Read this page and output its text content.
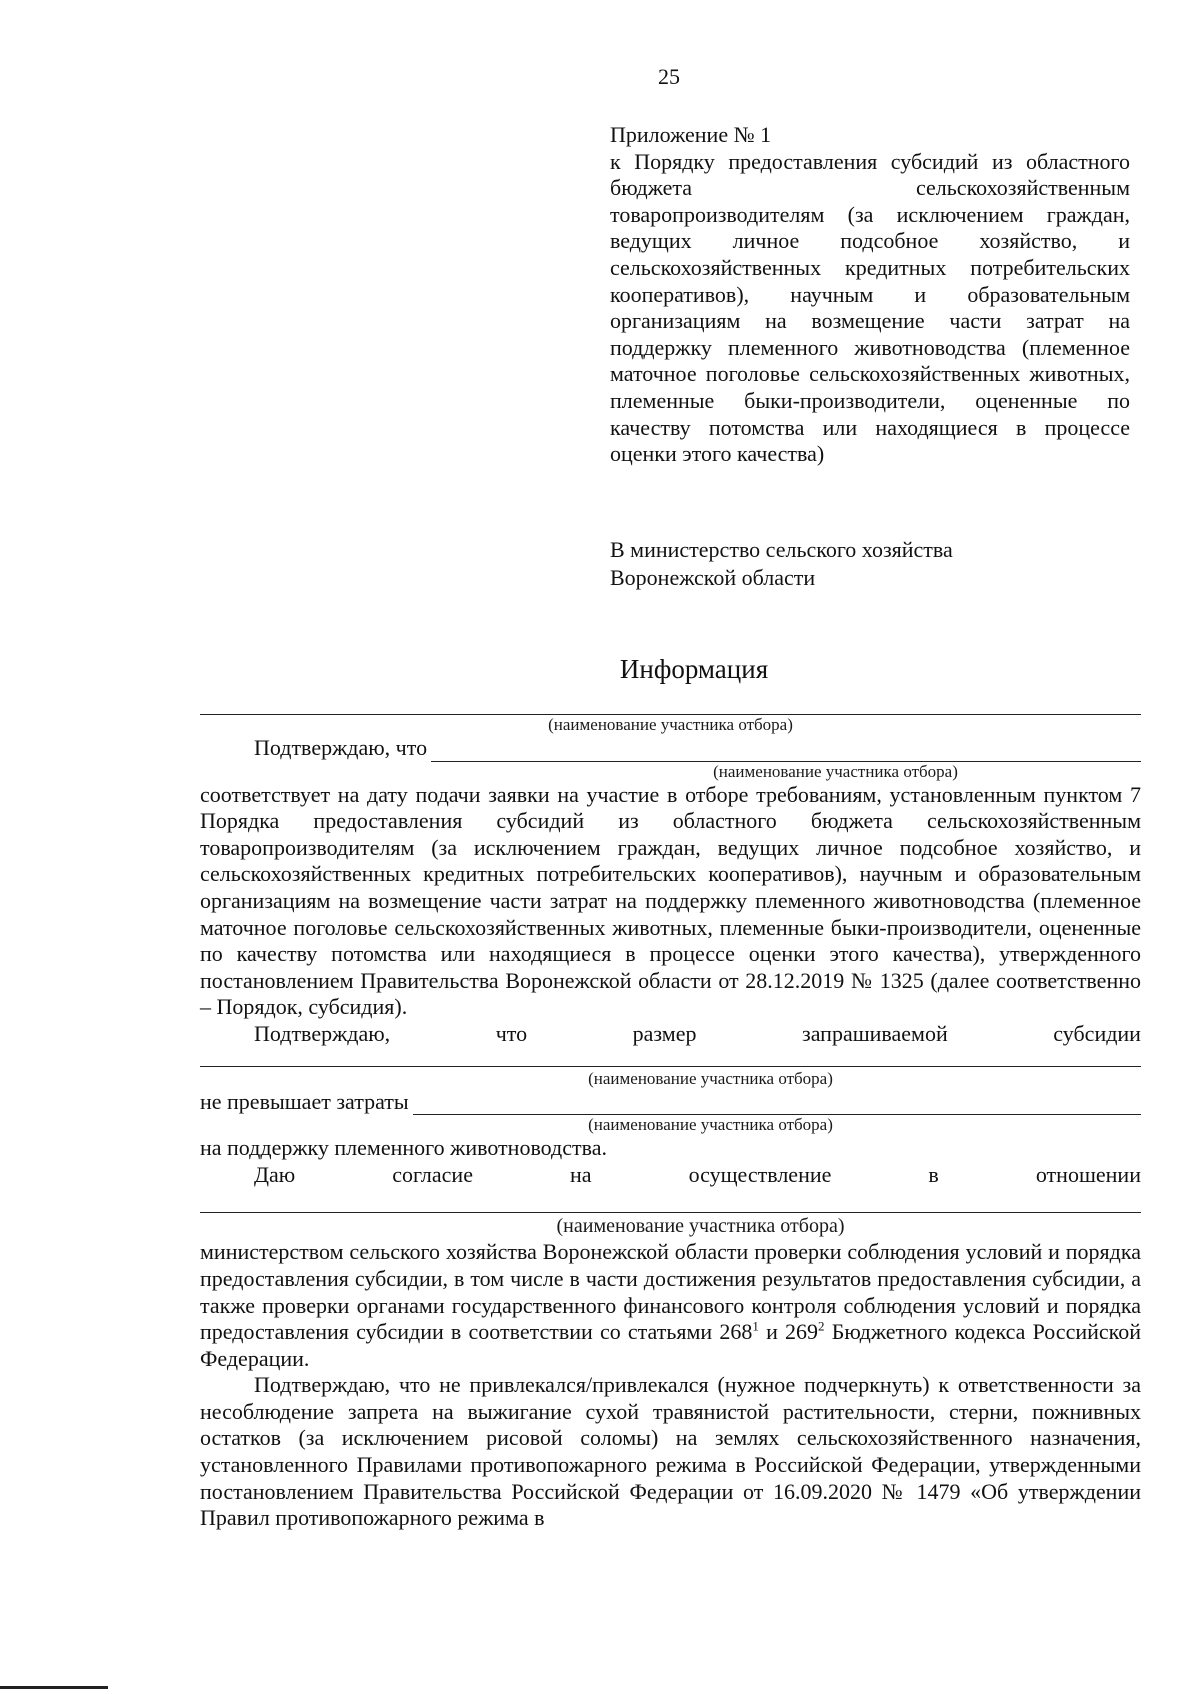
25
Приложение № 1
к Порядку предоставления субсидий из областного бюджета сельскохозяйственным товаропроизводителям (за исключением граждан, ведущих личное подсобное хозяйство, и сельскохозяйственных кредитных потребительских кооперативов), научным и образовательным организациям на возмещение части затрат на поддержку племенного животноводства (племенное маточное поголовье сельскохозяйственных животных, племенные быки-производители, оцененные по качеству потомства или находящиеся в процессе оценки этого качества)
В министерство сельского хозяйства
Воронежской области
Информация
(наименование участника отбора)
Подтверждаю, что
(наименование участника отбора)
соответствует на дату подачи заявки на участие в отборе требованиям, установленным пунктом 7 Порядка предоставления субсидий из областного бюджета сельскохозяйственным товаропроизводителям (за исключением граждан, ведущих личное подсобное хозяйство, и сельскохозяйственных кредитных потребительских кооперативов), научным и образовательным организациям на возмещение части затрат на поддержку племенного животноводства (племенное маточное поголовье сельскохозяйственных животных, племенные быки-производители, оцененные по качеству потомства или находящиеся в процессе оценки этого качества), утвержденного постановлением Правительства Воронежской области от 28.12.2019 № 1325 (далее соответственно – Порядок, субсидия).
Подтверждаю,	что	размер	запрашиваемой	субсидии
(наименование участника отбора)
не превышает затраты
(наименование участника отбора)
на поддержку племенного животноводства.
Даю	согласие	на	осуществление	в	отношении
(наименование участника отбора)
министерством сельского хозяйства Воронежской области проверки соблюдения условий и порядка предоставления субсидии, в том числе в части достижения результатов предоставления субсидии, а также проверки органами государственного финансового контроля соблюдения условий и порядка предоставления субсидии в соответствии со статьями $268^1$ и $269^2$ Бюджетного кодекса Российской Федерации.
Подтверждаю, что не привлекался/привлекался (нужное подчеркнуть) к ответственности за несоблюдение запрета на выжигание сухой травянистой растительности, стерни, пожнивных остатков (за исключением рисовой соломы) на землях сельскохозяйственного назначения, установленного Правилами противопожарного режима в Российской Федерации, утвержденными постановлением Правительства Российской Федерации от 16.09.2020 № 1479 «Об утверждении Правил противопожарного режима в
